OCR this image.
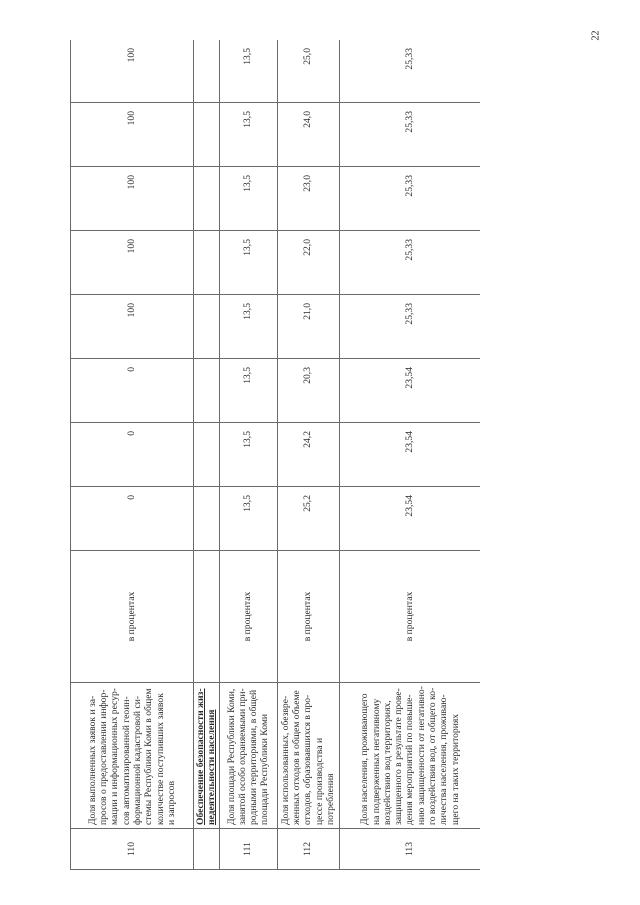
22
110	Доля выполненных заявок и за-просов о предоставлении инфор-мации и информационных ресур-сов автоматизированной геоин-формационной кадастровой си-стемы Республики Коми в общем количестве поступивших заявок и запросов	в процентах	0	0	0	100	100	100	100	100
	Обеспечение безопасности жиз-недеятельности населения									
111	Доля площади Республики Коми, занятой особо охраняемыми при-родными территориями, в общей площади Республики Коми	в процентах	13,5	13,5	13,5	13,5	13,5	13,5	13,5	13,5
112	Доля использованных, обезвре-женных отходов в общем объеме отходов, образовавшихся в про-цессе производства и потребления	в процентах	25,2	24,2	20,3	21,0	22,0	23,0	24,0	25,0
113	Доля населения, проживающего на подверженных негативному воздействию вод территориях, защищенного в результате прове-дения мероприятий по повыше-нию защищенности от негативно-го воздействия вод, от общего ко-личества населения, проживаю-щего на таких территориях	в процентах	23,54	23,54	23,54	25,33	25,33	25,33	25,33	25,33
